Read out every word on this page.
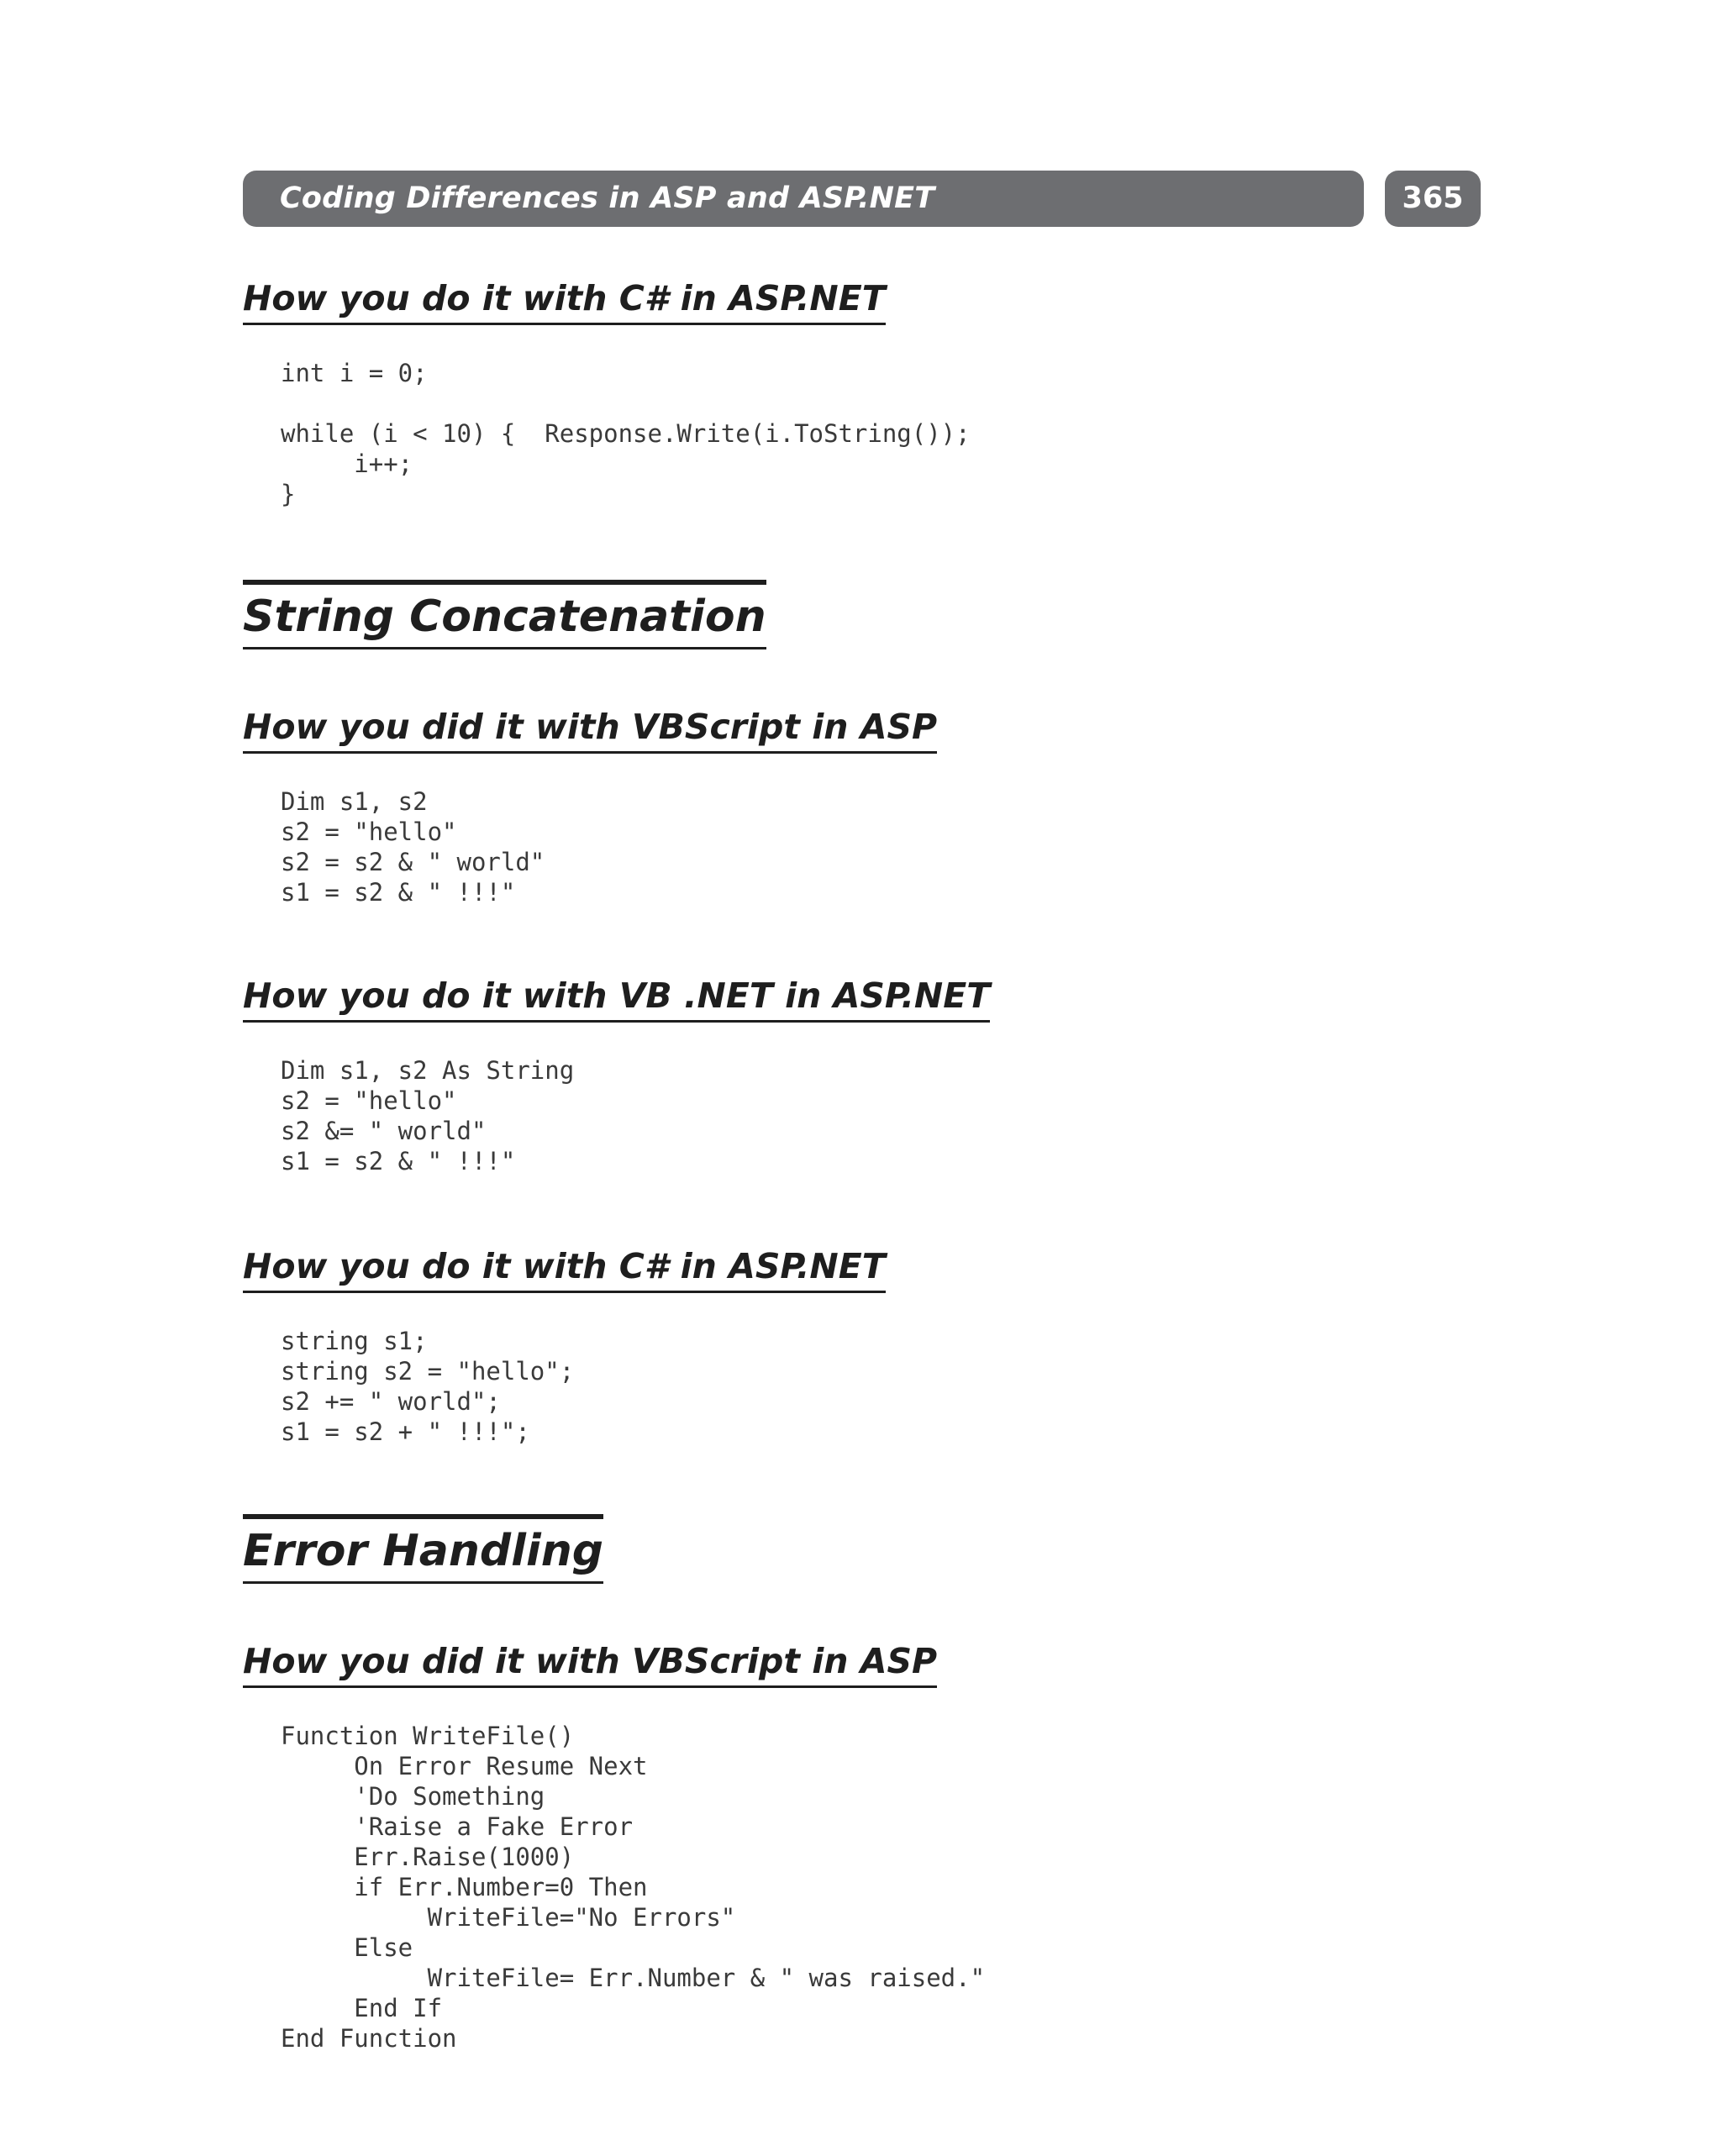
Coding Differences in ASP and ASP.NET	365
How you do it with C# in ASP.NET
int i = 0;

while (i < 10) {  Response.Write(i.ToString());
i++;
}
String Concatenation
How you did it with VBScript in ASP
Dim s1, s2
s2 = "hello"
s2 = s2 & " world"
s1 = s2 & " !!!"
How you do it with VB .NET in ASP.NET
Dim s1, s2 As String
s2 = "hello"
s2 &= " world"
s1 = s2 & " !!!"
How you do it with C# in ASP.NET
string s1;
string s2 = "hello";
s2 += " world";
s1 = s2 + " !!!";
Error Handling
How you did it with VBScript in ASP
Function WriteFile()
On Error Resume Next
'Do Something
'Raise a Fake Error
Err.Raise(1000)
if Err.Number=0 Then
WriteFile="No Errors"
Else
WriteFile= Err.Number & " was raised."
End If
End Function
